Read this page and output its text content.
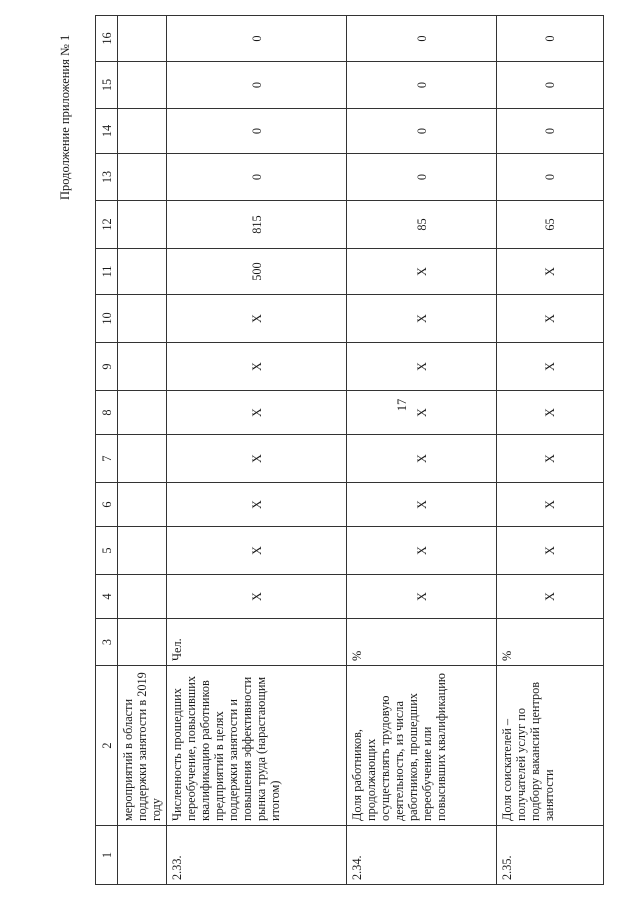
Продолжение приложения № 1
17
1	2	3	4	5	6	7	8	9	10	11	12	13	14	15	16
	мероприятий в области поддержки занятости в 2019 году														
2.33.	Численность прошедших переобучение, повысивших квалификацию работников предприятий в целях поддержки занятости и повышения эффективности рынка труда (нарастающим итогом)	Чел.	X	X	X	X	X	X	X	500	815	0	0	0	0
2.34.	Доля работников, продолжающих осуществлять трудовую деятельность, из числа работников, прошедших переобучение или повысивших квалификацию	%	X	X	X	X	X	X	X	X	85	0	0	0	0
2.35.	Доля соискателей – получателей услуг по подбору вакансий центров занятости	%	X	X	X	X	X	X	X	X	65	0	0	0	0
